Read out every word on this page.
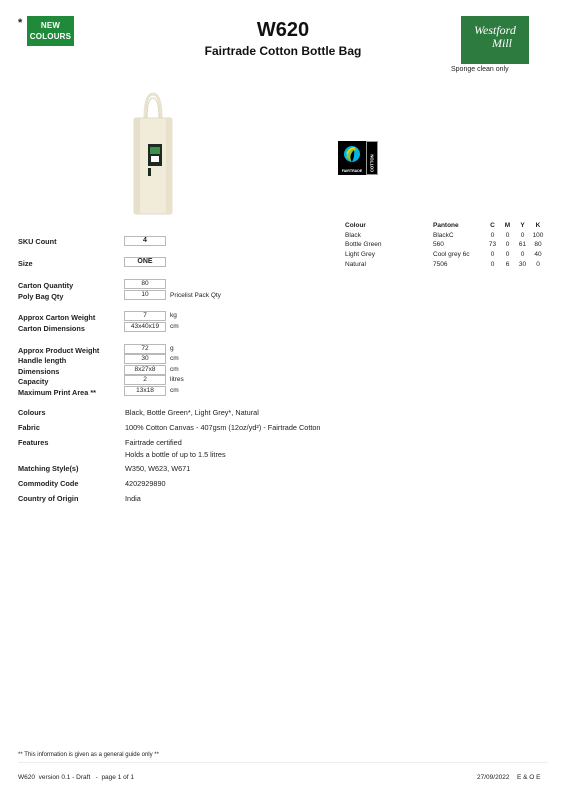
*	NEW
COLOURS	W620
Fairtrade Cotton Bottle Bag
Westford
Mill
Sponge clean only
FAIRTRADE COTTON
Colour	Pantone	C	M	Y	K
Black	BlackC	0	0	0	100
Bottle Green	560	73	0	61	80
Light Grey	Cool grey 6c	0	0	0	40
Natural	7506	0	6	30	0
SKU Count	4
Size	ONE
Carton Quantity	80
Poly Bag Qty	10	Pricelist Pack Qty
Approx Carton Weight	7	kg
Carton Dimensions	43x40x19	cm
Approx Product Weight	72	g
Handle length	30	cm
Dimensions	8x27x8	cm
Capacity	2	litres
Maximum Print Area **	13x18	cm
Colours	Black, Bottle Green*, Light Grey*, Natural
Fabric	100% Cotton Canvas - 407gsm (12oz/yd²) - Fairtrade Cotton
Features	Fairtrade certified
Holds a bottle of up to 1.5 litres
Matching Style(s)	W350, W623, W671
Commodity Code	4202929890
Country of Origin	India
** This information is given as a general guide only **
W620  version 0.1 - Draft   -  page 1 of 1	27/09/2022 E & O E
